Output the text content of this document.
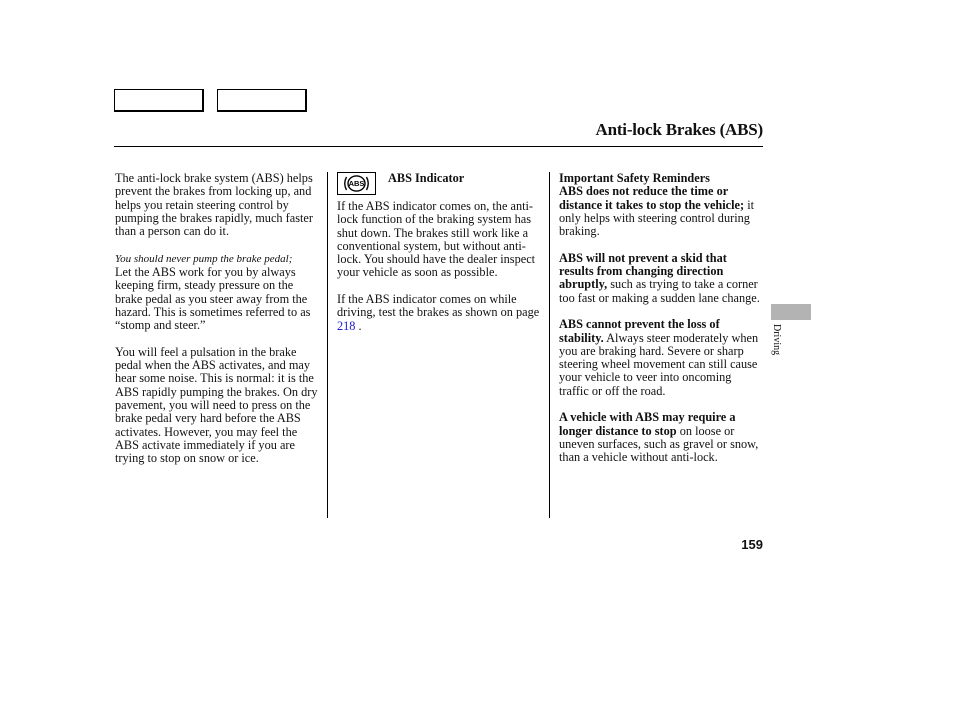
Anti-lock Brakes (ABS)

The anti-lock brake system (ABS) helps prevent the brakes from locking up, and helps you retain steering control by pumping the brakes rapidly, much faster than a person can do it.

You should never pump the brake pedal;
Let the ABS work for you by always keeping firm, steady pressure on the brake pedal as you steer away from the hazard. This is sometimes referred to as “stomp and steer.”

You will feel a pulsation in the brake pedal when the ABS activates, and may hear some noise. This is normal: it is the ABS rapidly pumping the brakes. On dry pavement, you will need to press on the brake pedal very hard before the ABS activates. However, you may feel the ABS activate immediately if you are trying to stop on snow or ice.

ABS ABS Indicator

If the ABS indicator comes on, the anti-lock function of the braking system has shut down. The brakes still work like a conventional system, but without anti-lock. You should have the dealer inspect your vehicle as soon as possible.

If the ABS indicator comes on while driving, test the brakes as shown on page 218 .

Important Safety Reminders
ABS does not reduce the time or distance it takes to stop the vehicle; it only helps with steering control during braking.

ABS will not prevent a skid that results from changing direction abruptly, such as trying to take a corner too fast or making a sudden lane change.

ABS cannot prevent the loss of stability. Always steer moderately when you are braking hard. Severe or sharp steering wheel movement can still cause your vehicle to veer into oncoming traffic or off the road.

A vehicle with ABS may require a longer distance to stop on loose or uneven surfaces, such as gravel or snow, than a vehicle without anti-lock.

Driving
159
